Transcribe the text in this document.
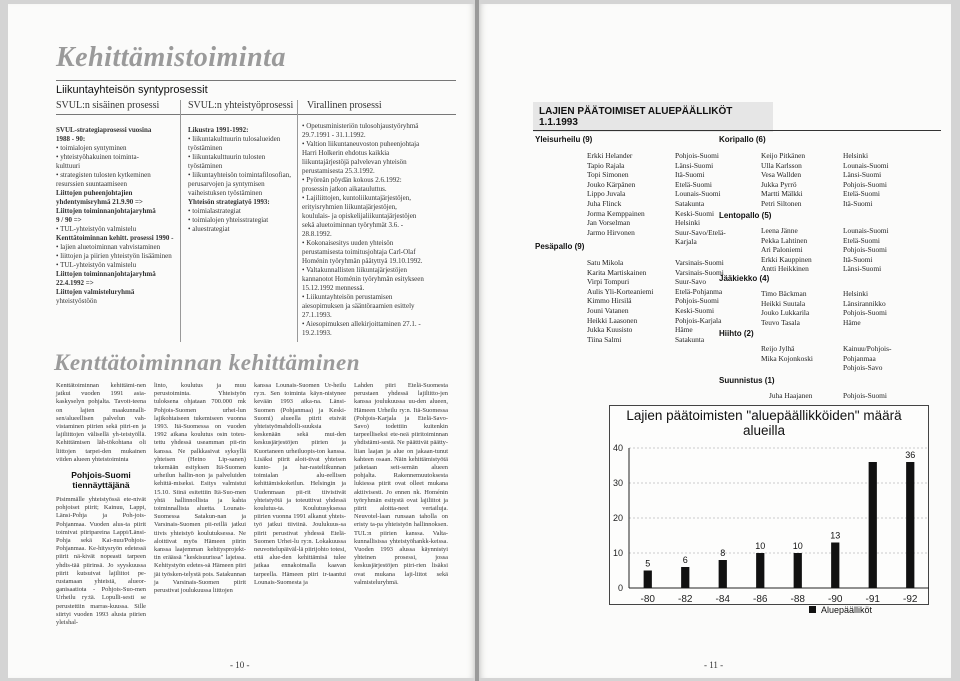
Kehittämistoiminta
Liikuntayhteisön syntyprosessit
SVUL:n sisäinen prosessi	SVUL:n yhteistyöprosessi Virallinen prosessi
SVUL-strategiaprosessi vuosina
1988 - 90:
• toimialojen syntyminen
• yhteistyöhakuinen toiminta-
kulttuuri
• strategisten tulosten kytkeminen
resurssien suuntaamiseen
Liittojen puheenjohtajien
yhdentymisryhmä 21.9.90 =>
Liittojen toiminnanjohtajaryhmä
9 / 90 =>
• TUL-yhteistyön valmistelu
Kenttätoiminnan kehitt. prosessi 1990 -
• lajien aluetoiminnan vahvistaminen
• liittojen ja piirien yhteistyön lisääminen
• TUL-yhteistyön valmistelu
Liittojen toiminnanjohtajaryhmä
22.4.1992 =>
Liittojen valmisteluryhmä
yhteistyöstöön
Likustra 1991-1992:
• liikuntakulttuurin tulosalueiden
työstäminen
• liikuntakulttuurin tulosten
työstäminen
• liikuntayhteisön toimintafilosofian,
perusarvojen ja syntymisen
vaiheistuksen työstäminen
Yhteisön strategiatyö 1993:
• toimialastrategiat
• toimialojen yhteisstrategiat
• aluestrategiat
• Opetusministeriön tulosohjaustyöryhmä
29.7.1991 - 31.1.1992.
• Valtion liikuntaneuvoston puheenjohtaja
Harri Holkerin ehdotus kaikkia
liikuntajärjestöjä palvelevan yhteisön
perustamisesta 25.3.1992.
• Pyöreän pöydän kokous 2.6.1992:
prosessin jatkon aikatauluttus.
• Lajiliittojen, kuntoliikuntajärjestöjen,
erityisryhmien liikuntajärjestöjen,
koululais- ja opiskelijaliikuntajärjestöjen
sekä aluetoiminnan työryhmät 3.6. -
28.8.1992.
• Kokonaisesitys uuden yhteisön
perustamisesta toimitusjohtaja Carl-Olaf
Homénin työryhmän päätyttyä 19.10.1992.
• Valtakunnallisten liikuntajärjestöjen
kannanotot Homénin työryhmän esitykseen
15.12.1992 mennessä.
• Liikuntayhteisön perustamisen
aiesopimuksen ja sääntöraamien esittely
27.1.1993.
• Aiesopimuksen allekirjoittaminen 27.1. -
19.2.1993.
Kenttätoiminnan kehittäminen

Kenttätoiminnan kehittämi-nen jatkui vuoden 1991 asia-kaskyselyn pohjalta. Tavoit-teena on lajien maakunnalli-sen/alueellisen palvelun vah-vistaminen piirien sekä piiri-en ja lajiliittojen välisellä yh-teistyöllä. Kehittämisen läh-tökohtana oli liittojen tarpei-den mukainen viiden alueen yhteistoiminta

Pohjois-Suomi tiennäyttäjänä

Pisimmälle yhteistyössä ete-nivät pohjoiset piirit; Kainuu, Lappi, Länsi-Pohja ja Poh-jois-Pohjanmaa. Vuoden alus-ta piirit toimivat piiripareina Lappi/Länsi-Pohja sekä Kai-nuu/Pohjois-Pohjanmaa. Ke-hitysryön edetessä piirit nä-kivät nopeasti tarpeen yhdis-tää piirinsä. Jo syyskuussa piirit kutsuivat lajiliitot pe-rustamaan yhteistä, alueor-ganisaatiota - Pohjois-Suo-men Urheilu ry:tä. Lopulli-sesti se perustettiin marras-kuussa. Sille siirtyi vuoden 1993 alusta piirien yleishal-

linto, koulutus ja muu perustoiminta. Yhteistyön tuloksena ohjataan 700.000 mk Pohjois-Suomen urhei-lun lajikohtaiseen tukemiseen vuonna 1993. Itä-Suomessa on vuoden 1992 aikana koulutus osin toteu-tettu yhdessä useamman pii-rin kanssa. Ne palkkasivat syksyllä yhteisen (Heino Lip-sanen) tekemään esityksen Itä-Suomen urheilun hallin-non ja palveluiden kehittä-miseksi. Esitys valmistui 15.10. Siinä esitettiin Itä-Suo-men yhtä hallinnollista ja kahta toiminnallista aluetta. Lounais-Suomessa Satakun-nan ja Varsinais-Suomen pii-reillä jatkui tiivis yhteistyö koulutuksessa. Ne aloittivat myös Hämeen piirin kanssa laajemman kehitysprojekt-tin eräässä "keskisuurissa" lajeissa. Kehitystyön edetes-sä Hämeen piiri jäi työsken-telystä pois. Satakunnan ja Varsinais-Suomen piirit perustivat joulukuussa liittojen

kanssa Lounais-Suomen Ur-heilu ry:n. Sen toiminta käyn-nistynee kevään 1993 aika-na. Länsi-Suomen (Pohjanmaa) ja Keski-Suomi) alueella piirit etsivät yhteistyömahdolli-suuksia keskenään sekä mui-den keskusjärjestöjen piirien ja Kuortaneen urheiluopis-ton kanssa. Lisäksi piirit aloit-tivat yhteisen kunto- ja har-rasteliikunnan toimialan alu-eellisen kehittämiskokeilun. Helsingin ja Uudenmaan pii-rit tiivistivät yhteistyötä ja toteuttivat yhdessä koulutus-ta. Koulutusyksessa piirien vuonna 1991 alkanut yhteis-työ jatkui tiiviinä. Joulukuus-sa piirit perustivat yhdessä Etelä-Suomen Urhei-lu ry:n. Lokakuussa neuvottelupäiväl-lä piirijohto totesi, että alue-den kehittämisä tulee jatkaa ennakoimalla kaavan tarpeella. Hämeen piiri ir-taantui Lounais-Suomesta ja

Lahden piiri Etelä-Suomesta perustaen yhdessä lajiliitto-jen kanssa joulukuussa uu-den alueen, Hämeen Urheilu ry:n. Itä-Suomessa (Pohjois-Karjala ja Etelä-Savo-Savo) todettiin kuitenkin tarpeelliseksi ete-neä piiritoiminnan yhdistämi-sestä. Ne päättivät päätty-liian laajan ja alue on jakaan-tunut kahteen osaan. Näin kehittämistyötä jatketaan seit-semän alueen pohjalta. Rakennemuutoksesta lukiessa piirit ovat olleet mukana aktiivisesti. Jo ennen nk. Homénin työryhmän esitystä ovat lajiliitot ja piirit aloitta-neet vertailuja. Neuvotel-laan runsaan taholla on eristy ta-pa yhteistyön hallinnoksen. TUL:n piirien kanssa. Valta-kunnallisissa yhteistyöhankk-keissa. Vuoden 1993 alussa käynnistyi yhteinen prosessi, jossa keskusjärjestöjen piiri-rien lisäksi ovat mukana laji-liitot sekä valmisteluryhmä.

- 10 -
LAJIEN PÄÄTOIMISET ALUEPÄÄLLIKÖT
1.1.1993
Yleisurheilu (9)
Erkki Helander
Tapio Rajala
Topi Simonen
Jouko Kärpänen
Lippo Juvala
Juha Flinck
Jorma Kemppainen
Jan Vorselman
Jarmo Hirvonen
Pohjois-Suomi
Länsi-Suomi
Itä-Suomi
Etelä-Suomi
Lounais-Suomi
Satakunta
Keski-Suomi
Helsinki
Suur-Savo/Etelä-
Karjala
Pesäpallo (9)
Satu Mikola
Karita Martiskainen
Virpi Tompuri
Aulis Yli-Korteaniemi
Kimmo Hirsilä
Jouni Vatanen
Heikki Laasonen
Jukka Kuusisto
Tiina Salmi
Varsinais-Suomi
Varsinais-Suomi
Suur-Savo
Etelä-Pohjanma
Pohjois-Suomi
Keski-Suomi
Pohjois-Karjala
Häme
Satakunta
Koripallo (6)
Keijo Pitkänen
Ulla Karlsson
Vesa Wallden
Jukka Pyrrö
Martti Mälkki
Petri Siltonen
Helsinki
Lounais-Suomi
Länsi-Suomi
Pohjois-Suomi
Etelä-Suomi
Itä-Suomi
Lentopallo (5)
Leena Jänne
Pekka Lahtinen
Ari Paloniemi
Erkki Kauppinen
Antti Heikkinen
Lounais-Suomi
Etelä-Suomi
Pohjois-Suomi
Itä-Suomi
Länsi-Suomi
Jääkiekko (4)
Timo Bäckman
Heikki Suutala
Jouko Lukkarila
Teuvo Tasala
Helsinki
Länsirannikko
Pohjois-Suomi
Häme
Hiihto (2)
Reijo Jylhä
Mika Kojonkoski
Kainuu/Pohjois-
Pohjanmaa
Pohjois-Savo
Suunnistus (1)
Juha Haajanen	Pohjois-Suomi
Lajien päätoimisten "aluepäällikköiden" määrä alueilla
0
10
20
30
40
5
-80
6
-82
8
-84
10
-86
10
-88
13
-90 -91
36
-92
Aluepäälliköt
- 11 -
